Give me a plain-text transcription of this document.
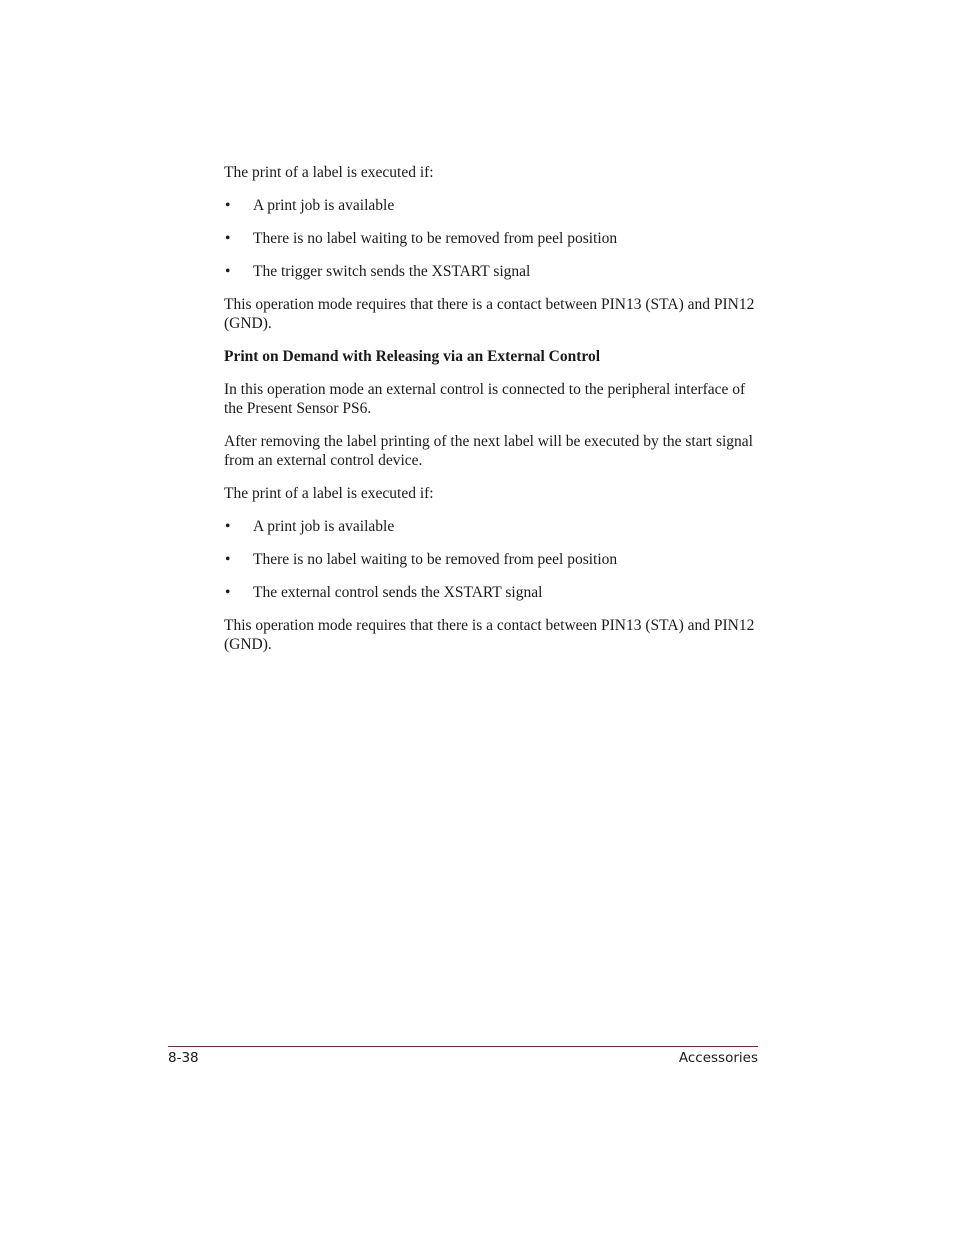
The print of a label is executed if:

•	A print job is available
•	There is no label waiting to be removed from peel position
•	The trigger switch sends the XSTART signal

This operation mode requires that there is a contact between PIN13 (STA) and PIN12 (GND).

Print on Demand with Releasing via an External Control

In this operation mode an external control is connected to the peripheral interface of the Present Sensor PS6.

After removing the label printing of the next label will be executed by the start signal from an external control device.

The print of a label is executed if:

•	A print job is available
•	There is no label waiting to be removed from peel position
•	The external control sends the XSTART signal

This operation mode requires that there is a contact between PIN13 (STA) and PIN12 (GND).

8-38	Accessories
